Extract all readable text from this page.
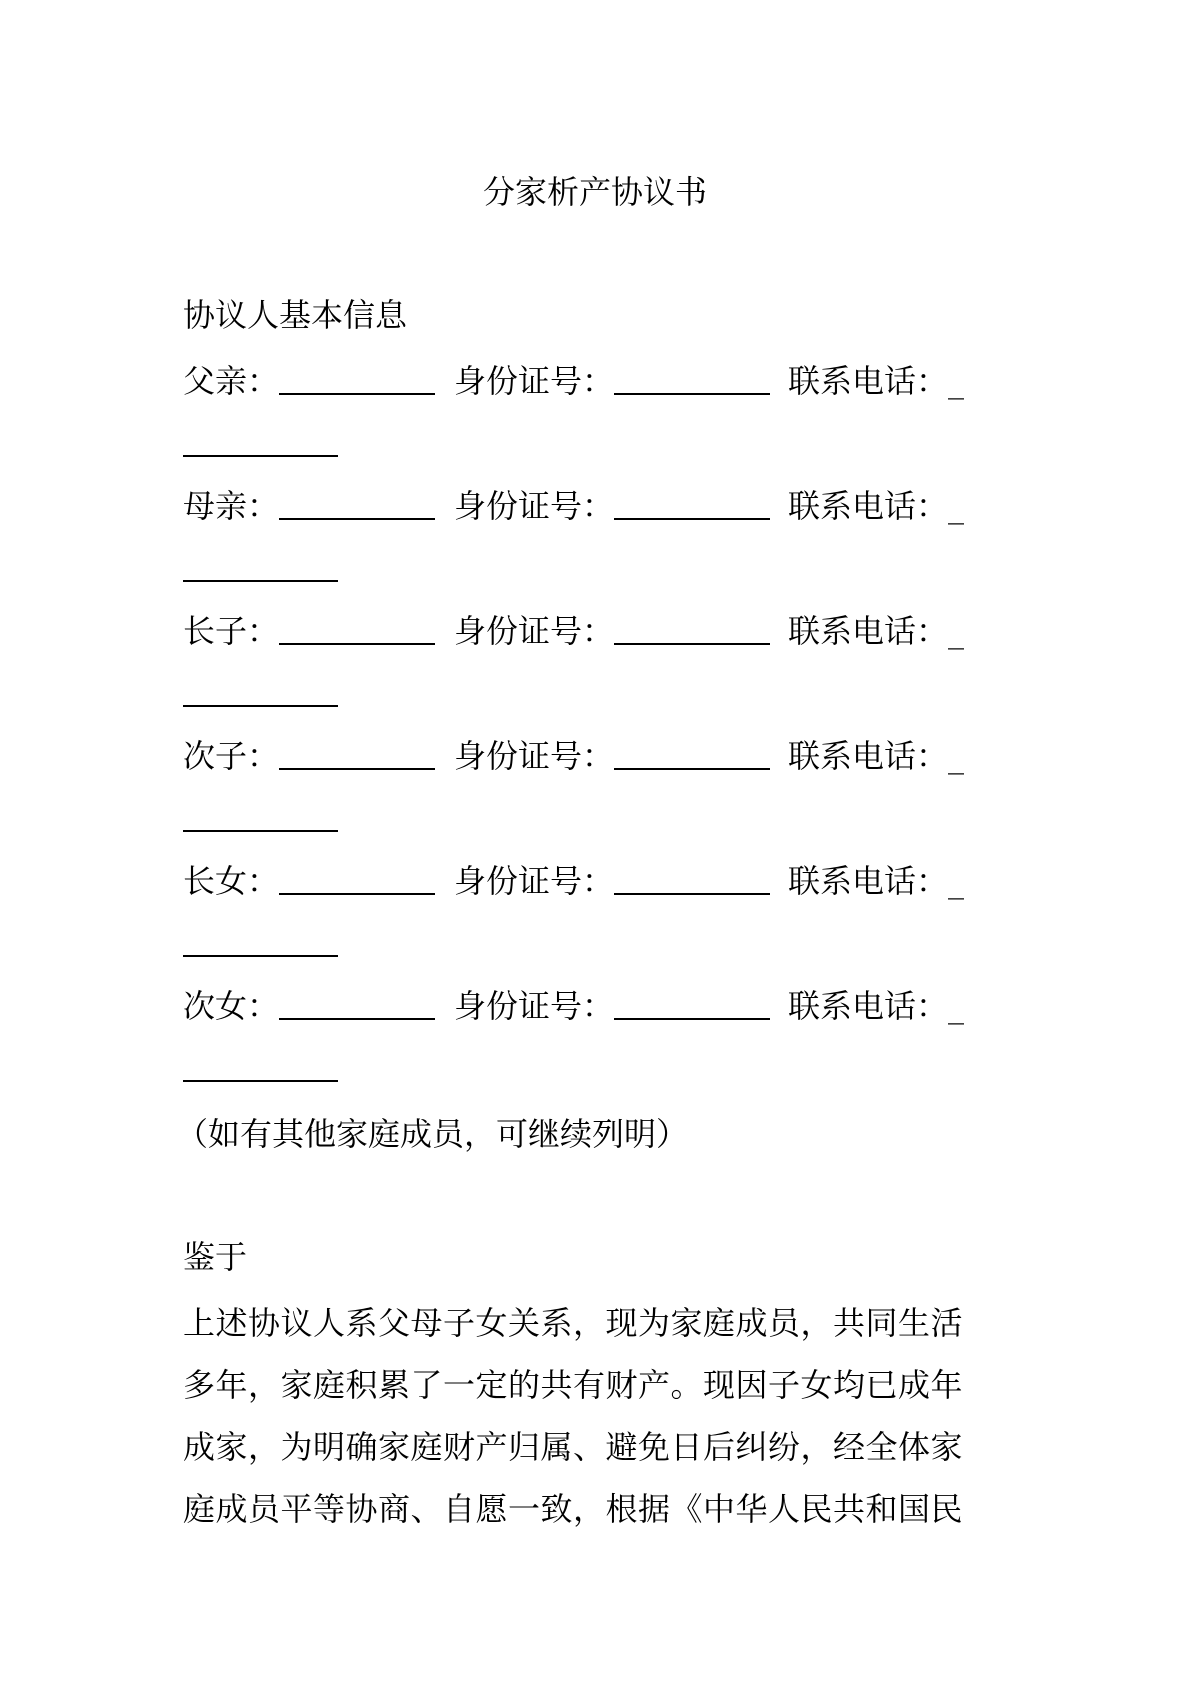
分家析产协议书
协议人基本信息
父亲：	身份证号：	联系电话：_
母亲：	身份证号：	联系电话：_
长子：	身份证号：	联系电话：_
次子：	身份证号：	联系电话：_
长女：	身份证号：	联系电话：_
次女：	身份证号：	联系电话：_
（如有其他家庭成员，可继续列明）
鉴于
上述协议人系父母子女关系，现为家庭成员，共同生活
多年，家庭积累了一定的共有财产。现因子女均已成年
成家，为明确家庭财产归属、避免日后纠纷，经全体家
庭成员平等协商、自愿一致，根据《中华人民共和国民
